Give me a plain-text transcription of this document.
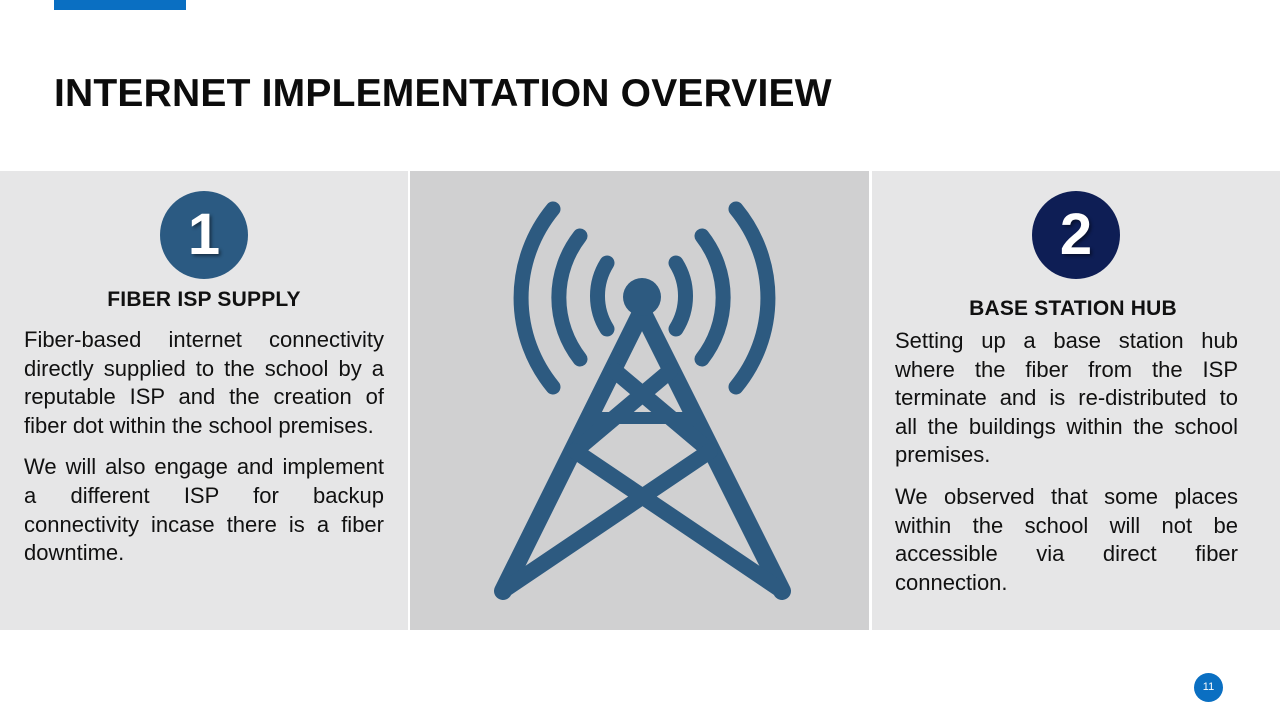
INTERNET IMPLEMENTATION OVERVIEW
1
FIBER ISP SUPPLY

Fiber-based internet connectivity directly supplied to the school by a reputable ISP and the creation of fiber dot within the school premises.

We will also engage and implement a different ISP for backup connectivity incase there is a fiber downtime.

2
BASE STATION HUB

Setting up a base station hub where the fiber from the ISP terminate and is re-distributed to all the buildings within the school premises.

We observed that some places within the school will not be accessible via direct fiber connection.

11
